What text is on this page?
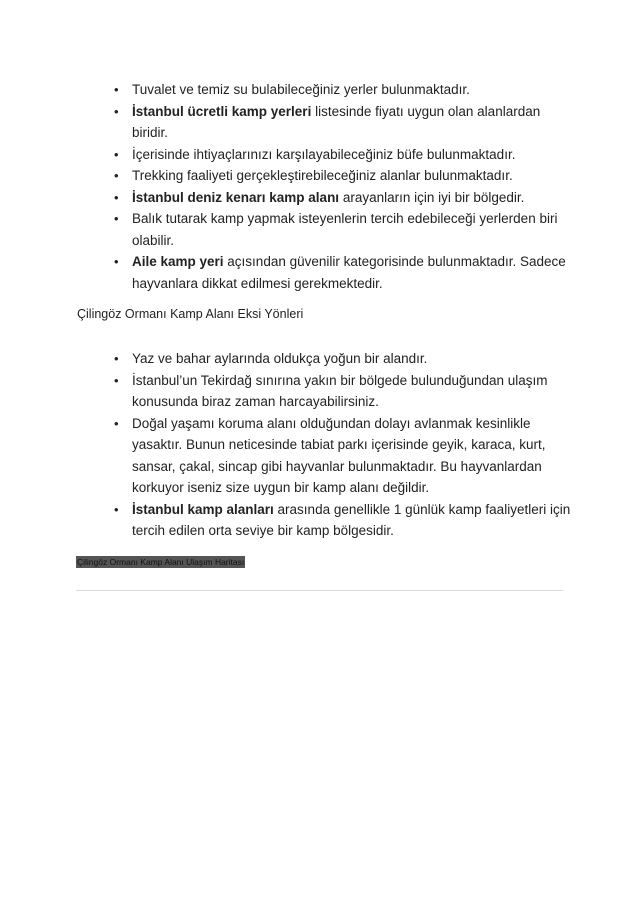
• Tuvalet ve temiz su bulabileceğiniz yerler bulunmaktadır.
• İstanbul ücretli kamp yerleri listesinde fiyatı uygun olan alanlardan biridir.
• İçerisinde ihtiyaçlarınızı karşılayabileceğiniz büfe bulunmaktadır.
• Trekking faaliyeti gerçekleştirebileceğiniz alanlar bulunmaktadır.
• İstanbul deniz kenarı kamp alanı arayanların için iyi bir bölgedir.
• Balık tutarak kamp yapmak isteyenlerin tercih edebileceği yerlerden biri olabilir.
• Aile kamp yeri açısından güvenilir kategorisinde bulunmaktadır. Sadece hayvanlara dikkat edilmesi gerekmektedir.
Çilingöz Ormanı Kamp Alanı Eksi Yönleri
• Yaz ve bahar aylarında oldukça yoğun bir alandır.
• İstanbul’un Tekirdağ sınırına yakın bir bölgede bulunduğundan ulaşım konusunda biraz zaman harcayabilirsiniz.
• Doğal yaşamı koruma alanı olduğundan dolayı avlanmak kesinlikle yasaktır. Bunun neticesinde tabiat parkı içerisinde geyik, karaca, kurt, sansar, çakal, sincap gibi hayvanlar bulunmaktadır. Bu hayvanlardan korkuyor iseniz size uygun bir kamp alanı değildir.
• İstanbul kamp alanları arasında genellikle 1 günlük kamp faaliyetleri için tercih edilen orta seviye bir kamp bölgesidir.
Çilingöz Ormanı Kamp Alanı Ulaşım Haritası
